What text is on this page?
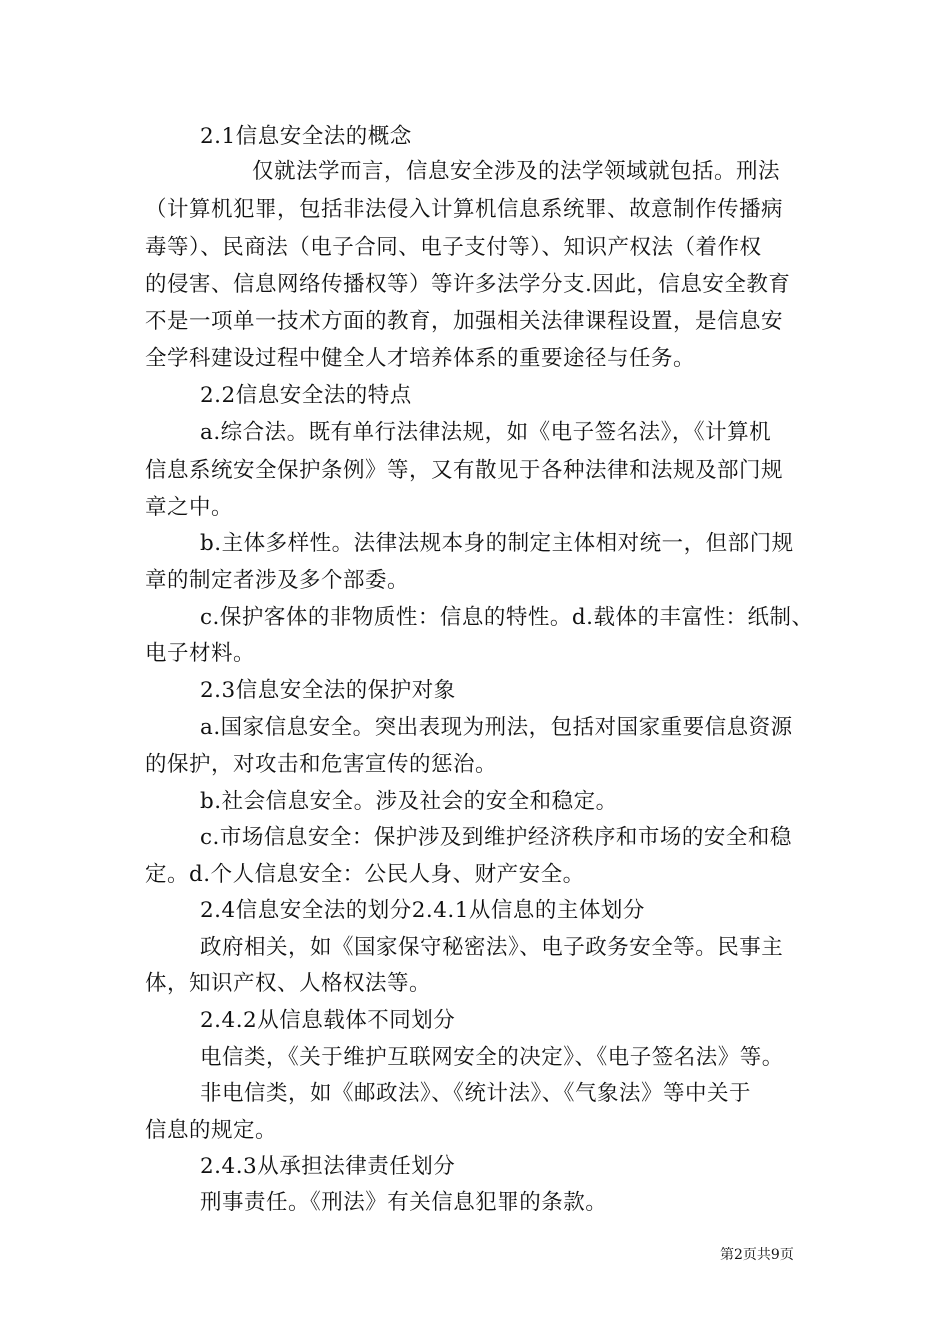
2.1信息安全法的概念
仅就法学而言，信息安全涉及的法学领域就包括。刑法
（计算机犯罪，包括非法侵入计算机信息系统罪、故意制作传播病
毒等）、民商法（电子合同、电子支付等）、知识产权法（着作权
的侵害、信息网络传播权等）等许多法学分支.因此，信息安全教育
不是一项单一技术方面的教育，加强相关法律课程设置，是信息安
全学科建设过程中健全人才培养体系的重要途径与任务。
2.2信息安全法的特点
a.综合法。既有单行法律法规，如《电子签名法》，《计算机
信息系统安全保护条例》等，又有散见于各种法律和法规及部门规
章之中。
b.主体多样性。法律法规本身的制定主体相对统一，但部门规
章的制定者涉及多个部委。
c.保护客体的非物质性：信息的特性。d.载体的丰富性：纸制、
电子材料。
2.3信息安全法的保护对象
a.国家信息安全。突出表现为刑法，包括对国家重要信息资源
的保护，对攻击和危害宣传的惩治。
b.社会信息安全。涉及社会的安全和稳定。
c.市场信息安全：保护涉及到维护经济秩序和市场的安全和稳
定。d.个人信息安全：公民人身、财产安全。
2.4信息安全法的划分2.4.1从信息的主体划分
政府相关，如《国家保守秘密法》、电子政务安全等。民事主
体，知识产权、人格权法等。
2.4.2从信息载体不同划分
电信类，《关于维护互联网安全的决定》、《电子签名法》等。
非电信类，如《邮政法》、《统计法》、《气象法》等中关于
信息的规定。
2.4.3从承担法律责任划分
刑事责任。《刑法》有关信息犯罪的条款。
第2页共9页
